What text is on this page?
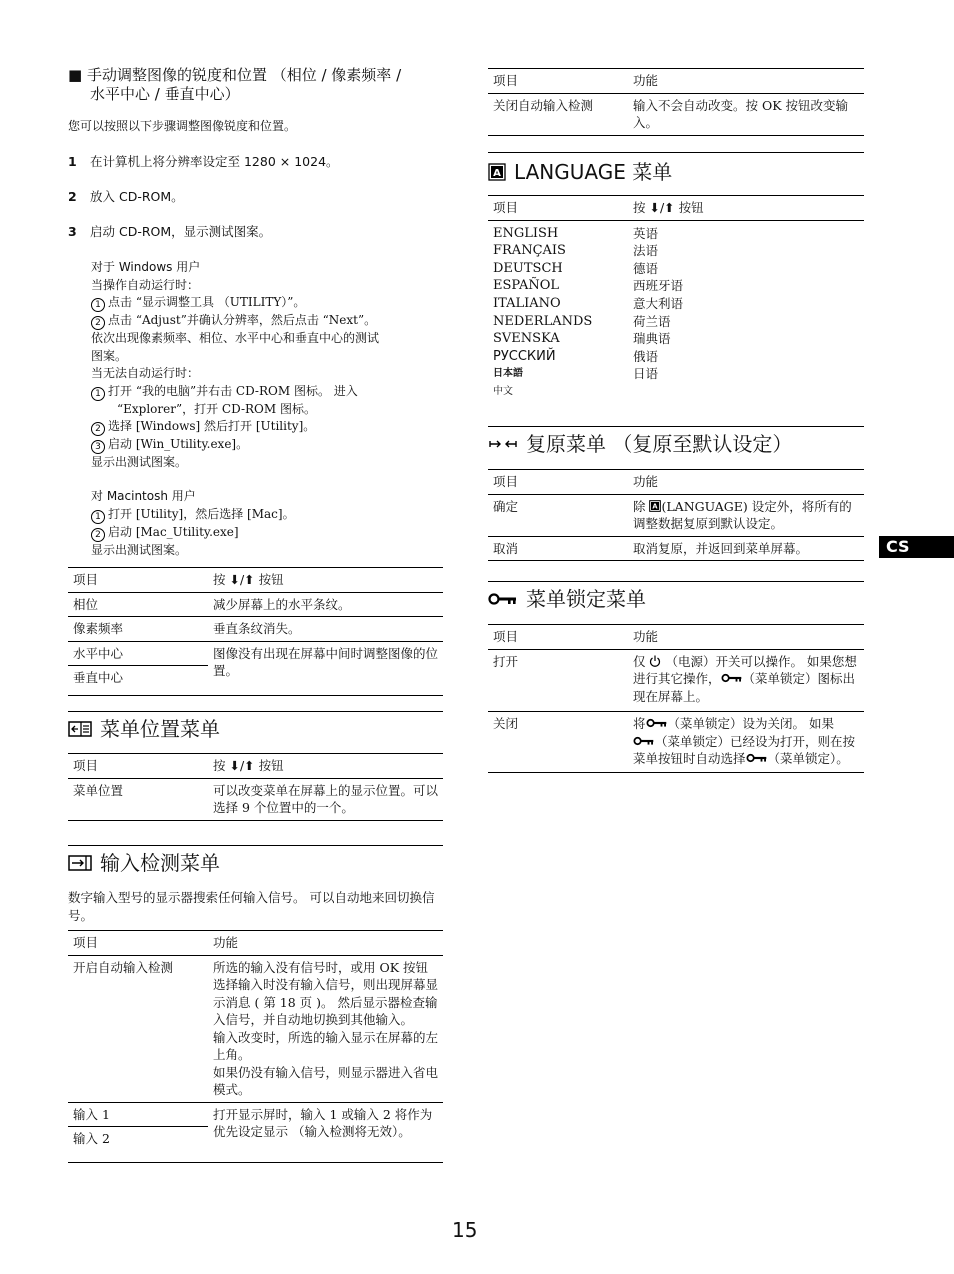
■ 手动调整图像的锐度和位置 （相位 / 像素频率 /
水平中心 / 垂直中心）
您可以按照以下步骤调整图像锐度和位置。
1 在计算机上将分辨率设定至 1280 × 1024。
2 放入 CD-ROM。
3 启动 CD-ROM，显示测试图案。
对于 Windows 用户
当操作自动运行时：
1 点击 “显示调整工具 （UTILITY）”。
2 点击 “Adjust”并确认分辨率，然后点击 “Next”。
依次出现像素频率、相位、水平中心和垂直中心的测试
图案。
当无法自动运行时：
1 打开 “我的电脑”并右击 CD-ROM 图标。 进入
“Explorer”，打开 CD-ROM 图标。
2 选择 [Windows] 然后打开 [Utility]。
3 启动 [Win_Utility.exe]。
显示出测试图案。
对 Macintosh 用户
1 打开 [Utility]，然后选择 [Mac]。
2 启动 [Mac_Utility.exe]
显示出测试图案。
项目	按 ⬇/⬆ 按钮
相位	减少屏幕上的水平条纹。
像素频率	垂直条纹消失。
水平中心	图像没有出现在屏幕中间时调整图像的位置。
垂直中心	
菜单位置菜单
项目	按 ⬇/⬆ 按钮
菜单位置	可以改变菜单在屏幕上的显示位置。可以选择 9 个位置中的一个。
输入检测菜单
数字输入型号的显示器搜索任何输入信号。 可以自动地来回切换信号。
项目	功能
开启自动输入检测	所选的输入没有信号时，或用 OK 按钮选择输入时没有输入信号，则出现屏幕显示消息 ( 第 18 页 )。 然后显示器检查输入信号，并自动地切换到其他输入。
输入改变时，所选的输入显示在屏幕的左上角。
如果仍没有输入信号，则显示器进入省电模式。
输入 1	打开显示屏时，输入 1 或输入 2 将作为优先设定显示 （输入检测将无效）。
输入 2	
项目	功能
关闭自动输入检测	输入不会自动改变。按 OK 按钮改变输入。
A LANGUAGE 菜单
项目	按 ⬇/⬆ 按钮
ENGLISH	英语
FRANÇAIS	法语
DEUTSCH	德语
ESPAÑOL	西班牙语
ITALIANO	意大利语
NEDERLANDS	荷兰语
SVENSKA	瑞典语
РУССКИЙ	俄语
日本語	日语
中文	
复原菜单 （复原至默认设定）
项目	功能
确定	除 A (LANGUAGE) 设定外，将所有的调整数据复原到默认设定。
取消	取消复原，并返回到菜单屏幕。
菜单锁定菜单
项目	功能
打开	仅  （电源）开关可以操作。 如果您想进行其它操作， （菜单锁定）图标出现在屏幕上。
关闭	将 （菜单锁定）设为关闭。 如果 （菜单锁定）已经设为打开，则在按菜单按钮时自动选择 （菜单锁定）。
CS
15
